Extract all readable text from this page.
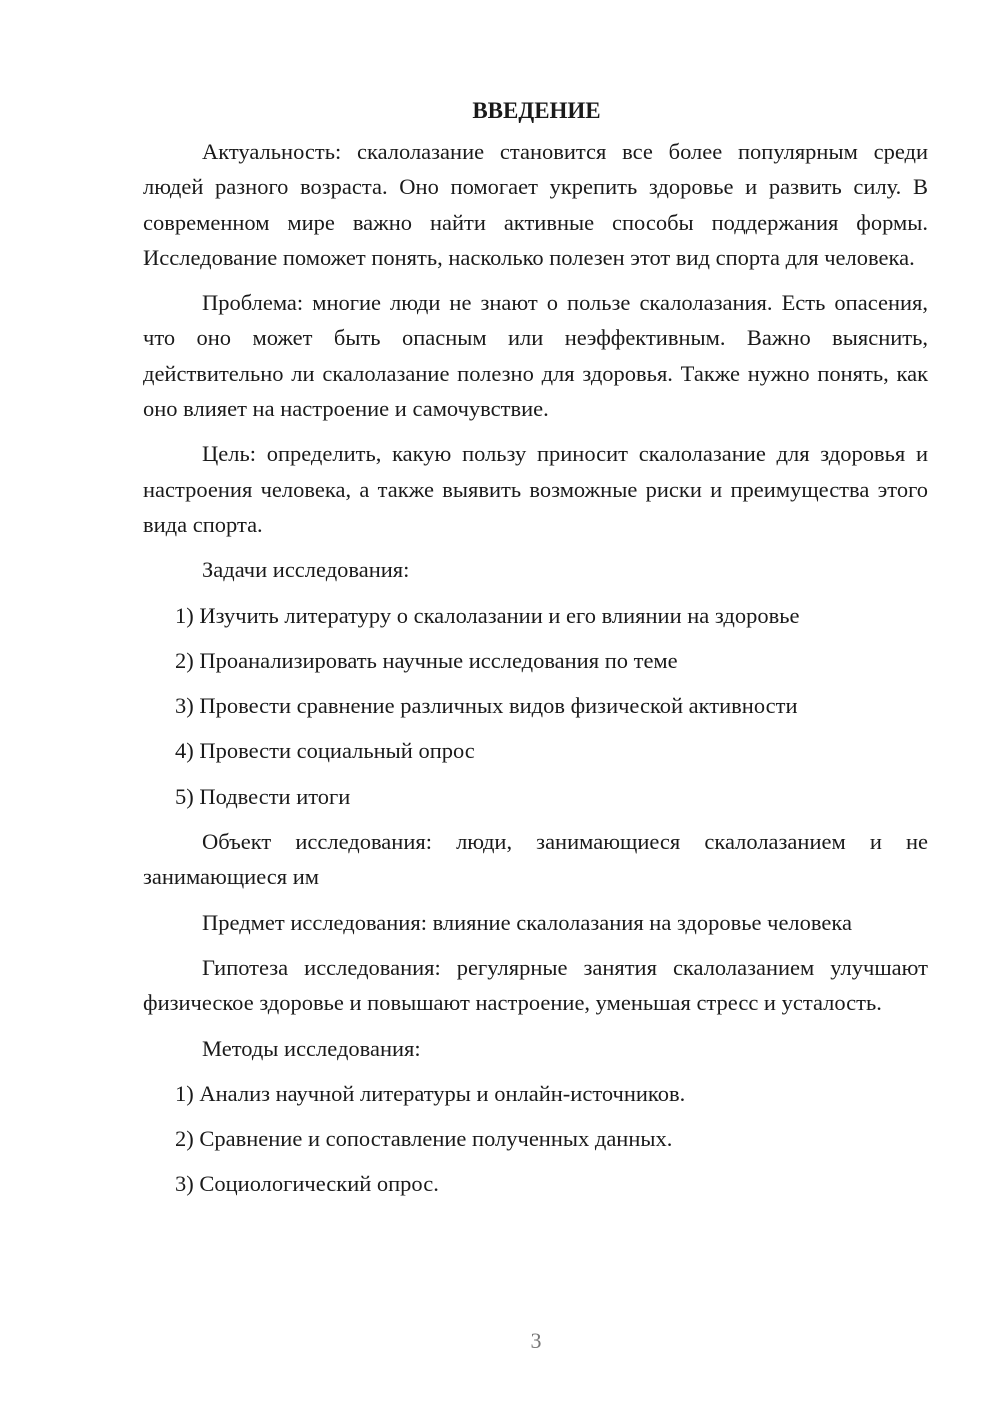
ВВЕДЕНИЕ

Актуальность: скалолазание становится все более популярным среди людей разного возраста. Оно помогает укрепить здоровье и развить силу. В современном мире важно найти активные способы поддержания формы. Исследование поможет понять, насколько полезен этот вид спорта для человека.

Проблема: многие люди не знают о пользе скалолазания. Есть опасения, что оно может быть опасным или неэффективным. Важно выяснить, действительно ли скалолазание полезно для здоровья. Также нужно понять, как оно влияет на настроение и самочувствие.

Цель: определить, какую пользу приносит скалолазание для здоровья и настроения человека, а также выявить возможные риски и преимущества этого вида спорта.

Задачи исследования:

1) Изучить литературу о скалолазании и его влиянии на здоровье
2) Проанализировать научные исследования по теме
3) Провести сравнение различных видов физической активности
4) Провести социальный опрос
5) Подвести итоги

Объект исследования: люди, занимающиеся скалолазанием и не занимающиеся им

Предмет исследования: влияние скалолазания на здоровье человека

Гипотеза исследования: регулярные занятия скалолазанием улучшают физическое здоровье и повышают настроение, уменьшая стресс и усталость.

Методы исследования:

1) Анализ научной литературы и онлайн-источников.
2) Сравнение и сопоставление полученных данных.
3) Социологический опрос.
3
